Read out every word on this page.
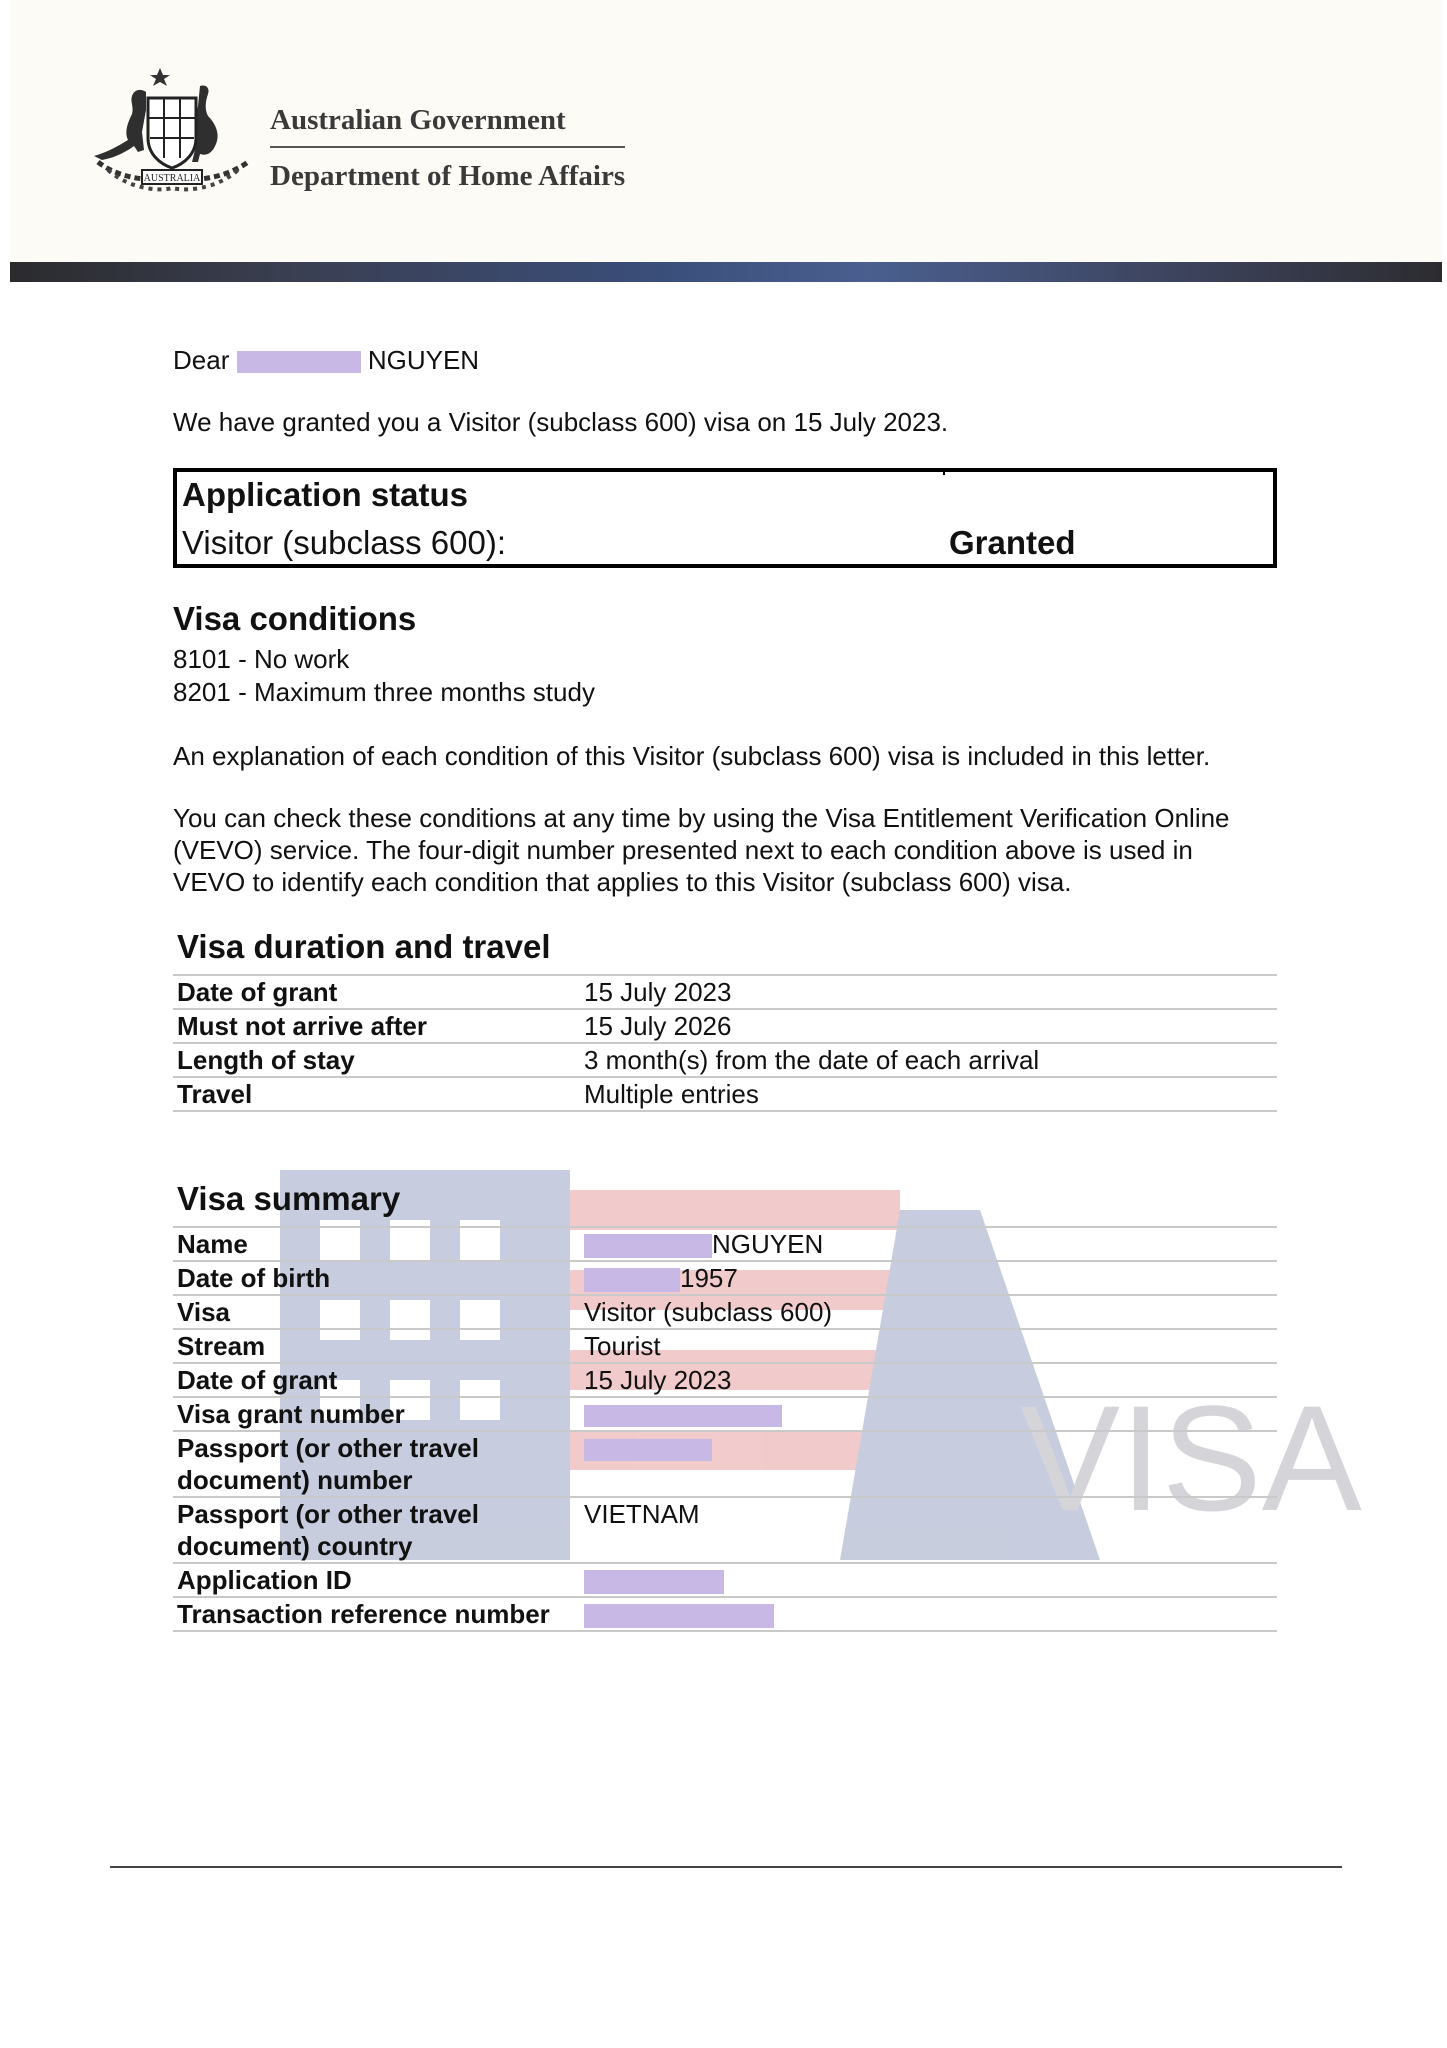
AUSTRALIA
Australian Government
Department of Home Affairs
VISA
Dear	NGUYEN
We have granted you a Visitor (subclass 600) visa on 15 July 2023.
Application status
Visitor (subclass 600):	Granted
Visa conditions
8101 - No work
8201 - Maximum three months study
An explanation of each condition of this Visitor (subclass 600) visa is included in this letter.
You can check these conditions at any time by using the Visa Entitlement Verification Online
(VEVO) service. The four-digit number presented next to each condition above is used in
VEVO to identify each condition that applies to this Visitor (subclass 600) visa.
Visa duration and travel
Date of grant	15 July 2023
Must not arrive after	15 July 2026
Length of stay	3 month(s) from the date of each arrival
Travel	Multiple entries
Visa summary
Name	NGUYEN
Date of birth	1957
Visa	Visitor (subclass 600)
Stream	Tourist
Date of grant	15 July 2023
Visa grant number	
Passport (or other travel
document) number	
Passport (or other travel
document) country	VIETNAM
Application ID	
Transaction reference number	
